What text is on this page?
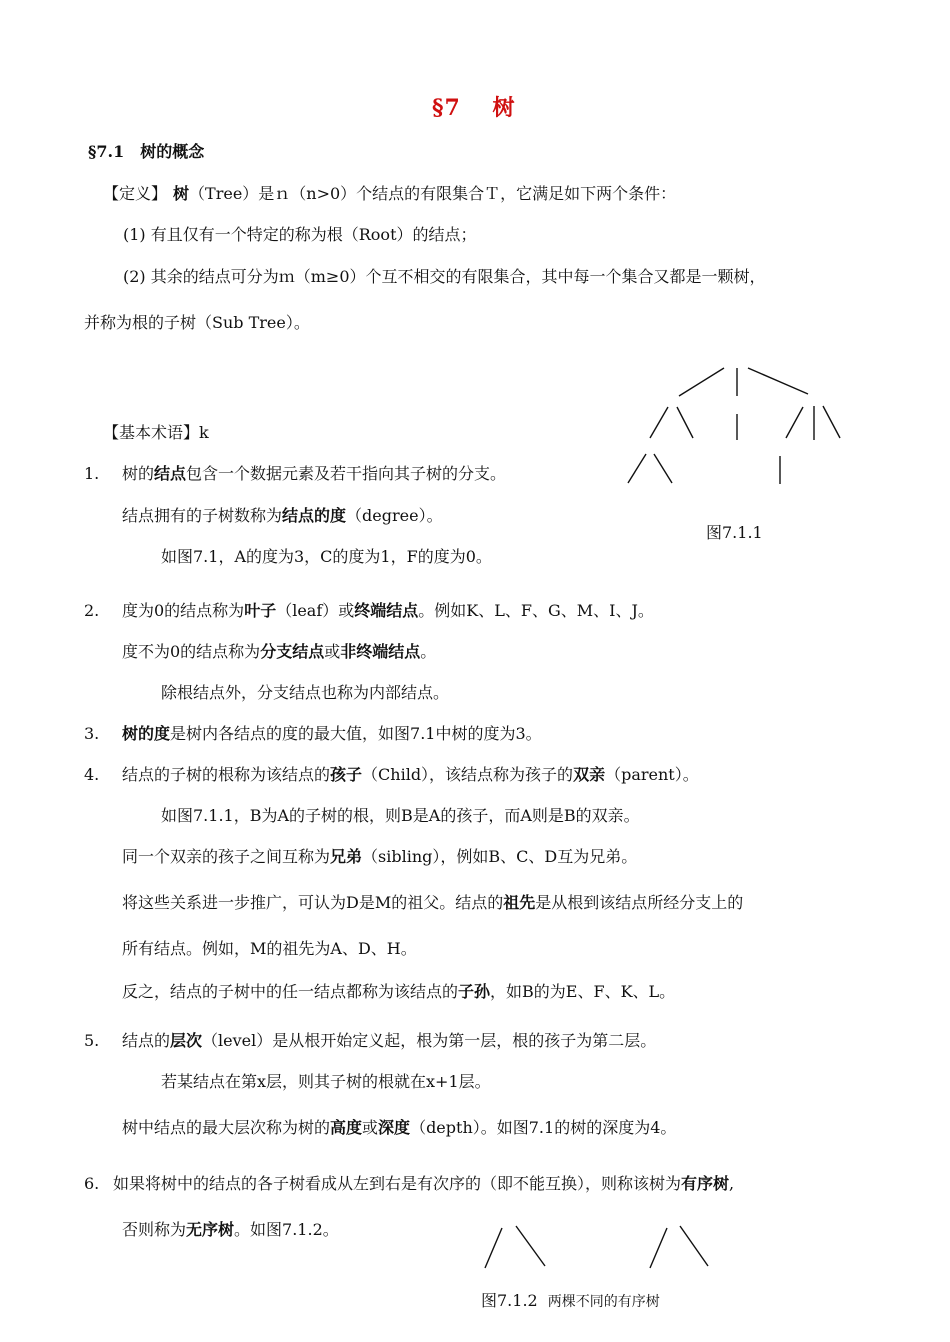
§7　 树
§7.1　树的概念
【定义】 树（Tree）是ｎ（n>0）个结点的有限集合Ｔ，它满足如下两个条件：
(1) 有且仅有一个特定的称为根（Root）的结点；
(2) 其余的结点可分为ｍ（m≥0）个互不相交的有限集合，其中每一个集合又都是一颗树，
并称为根的子树（Sub Tree）。
【基本术语】k
1. 树的结点包含一个数据元素及若干指向其子树的分支。
结点拥有的子树数称为结点的度（degree）。
如图7.1，A的度为3，C的度为1，F的度为0。
2. 度为0的结点称为叶子（leaf）或终端结点。例如K、L、F、G、M、I、J。
度不为0的结点称为分支结点或非终端结点。
除根结点外，分支结点也称为内部结点。
3. 树的度是树内各结点的度的最大值，如图7.1中树的度为3。
4. 结点的子树的根称为该结点的孩子（Child），该结点称为孩子的双亲（parent）。
如图7.1.1，B为A的子树的根，则B是A的孩子，而A则是B的双亲。
同一个双亲的孩子之间互称为兄弟（sibling），例如B、C、D互为兄弟。
将这些关系进一步推广，可认为D是M的祖父。结点的祖先是从根到该结点所经分支上的
所有结点。例如，M的祖先为A、D、H。
反之，结点的子树中的任一结点都称为该结点的子孙，如B的为E、F、K、L。
5. 结点的层次（level）是从根开始定义起，根为第一层，根的孩子为第二层。
若某结点在第x层，则其子树的根就在x+1层。
树中结点的最大层次称为树的高度或深度（depth）。如图7.1的树的深度为4。
6. 如果将树中的结点的各子树看成从左到右是有次序的（即不能互换），则称该树为有序树,
否则称为无序树。如图7.1.2。
图7.1.1
图7.1.2 两棵不同的有序树
